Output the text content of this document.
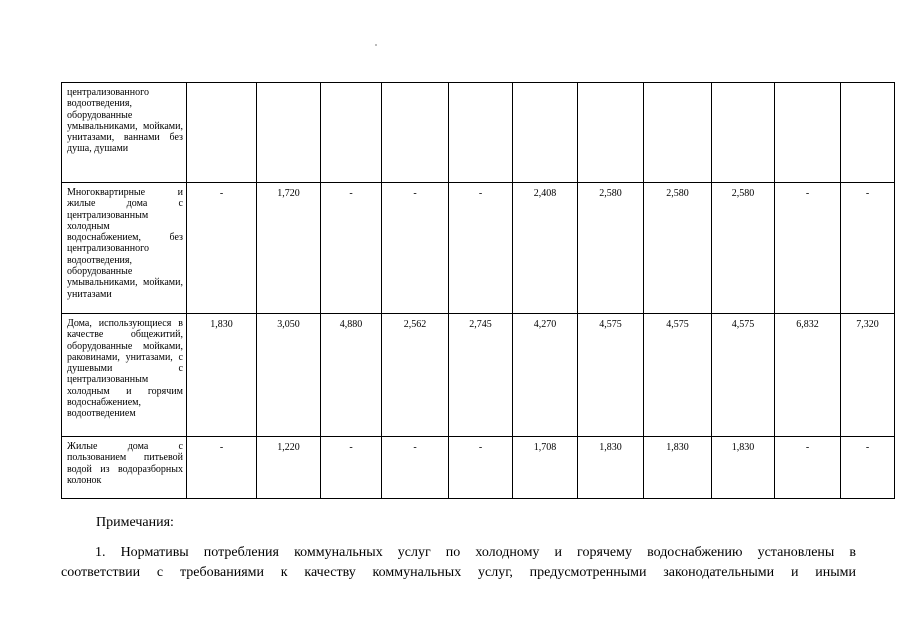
централизованного водоотведения, оборудованные умывальниками, мойками, унитазами, ваннами без душа, душами											
Многоквартирные и жилые дома с централизованным холодным водоснабжением, без централизованного водоотведения, оборудованные умывальниками, мойками, унитазами	-	1,720	-	-	-	2,408	2,580	2,580	2,580	-	-
Дома, использующиеся в качестве общежитий, оборудованные мойками, раковинами, унитазами, с душевыми с централизованным холодным и горячим водоснабжением, водоотведением	1,830	3,050	4,880	2,562	2,745	4,270	4,575	4,575	4,575	6,832	7,320
Жилые дома с пользованием питьевой водой из водоразборных колонок	-	1,220	-	-	-	1,708	1,830	1,830	1,830	-	-
Примечания:
1. Нормативы потребления коммунальных услуг по холодному и горячему водоснабжению установлены в
соответствии с требованиями к качеству коммунальных услуг, предусмотренными законодательными и иными
